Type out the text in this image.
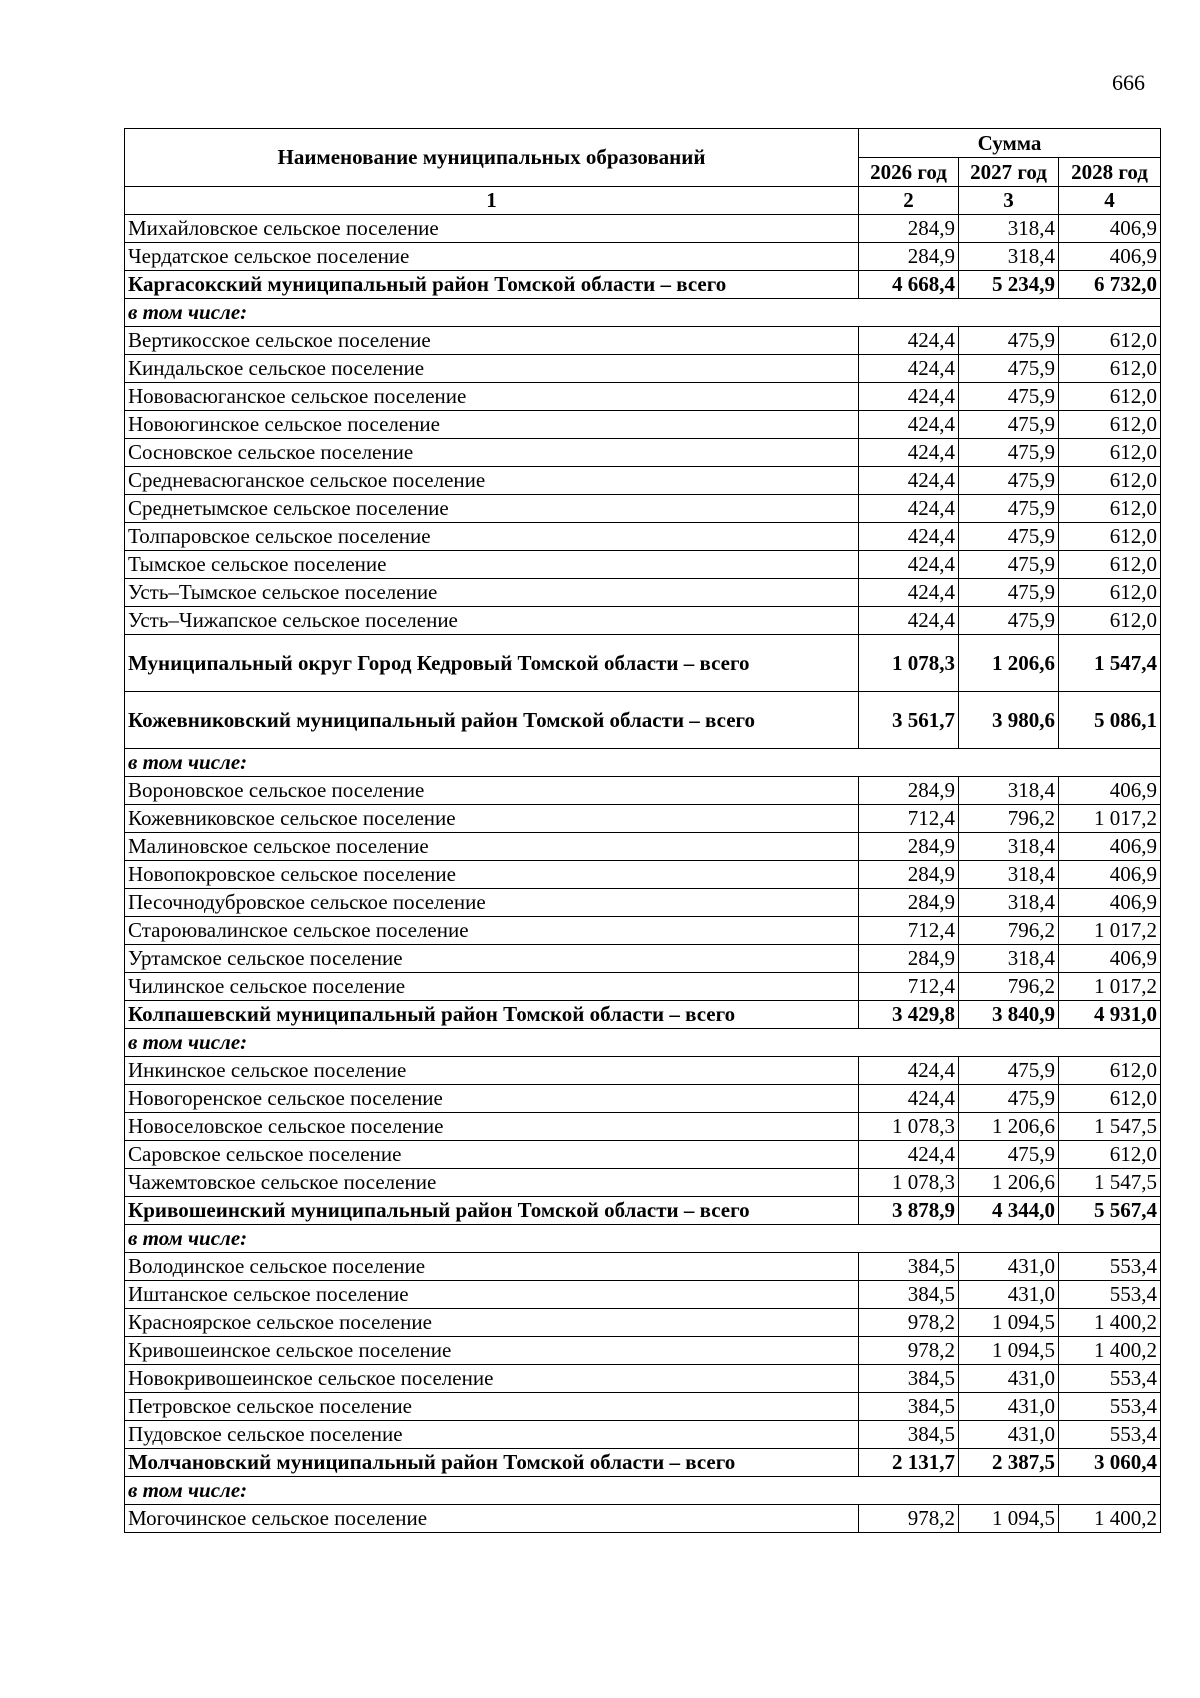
666
Наименование муниципальных образований	Сумма		
	2026 год	2027 год	2028 год
1	2	3	4
Михайловское сельское поселение	284,9	318,4	406,9
Чердатское сельское поселение	284,9	318,4	406,9
Каргасокский муниципальный район Томской области – всего	4 668,4	5 234,9	6 732,0
в том числе:			
Вертикосское сельское поселение	424,4	475,9	612,0
Киндальское сельское поселение	424,4	475,9	612,0
Нововасюганское сельское поселение	424,4	475,9	612,0
Новоюгинское сельское поселение	424,4	475,9	612,0
Сосновское сельское поселение	424,4	475,9	612,0
Средневасюганское сельское поселение	424,4	475,9	612,0
Среднетымское сельское поселение	424,4	475,9	612,0
Толпаровское сельское поселение	424,4	475,9	612,0
Тымское сельское поселение	424,4	475,9	612,0
Усть–Тымское сельское поселение	424,4	475,9	612,0
Усть–Чижапское сельское поселение	424,4	475,9	612,0
Муниципальный округ Город Кедровый Томской области – всего	1 078,3	1 206,6	1 547,4
Кожевниковский муниципальный район Томской области – всего	3 561,7	3 980,6	5 086,1
в том числе:			
Вороновское сельское поселение	284,9	318,4	406,9
Кожевниковское сельское поселение	712,4	796,2	1 017,2
Малиновское сельское поселение	284,9	318,4	406,9
Новопокровское сельское поселение	284,9	318,4	406,9
Песочнодубровское сельское поселение	284,9	318,4	406,9
Староювалинское сельское поселение	712,4	796,2	1 017,2
Уртамское сельское поселение	284,9	318,4	406,9
Чилинское сельское поселение	712,4	796,2	1 017,2
Колпашевский муниципальный район Томской области – всего	3 429,8	3 840,9	4 931,0
в том числе:			
Инкинское сельское поселение	424,4	475,9	612,0
Новогоренское сельское поселение	424,4	475,9	612,0
Новоселовское сельское поселение	1 078,3	1 206,6	1 547,5
Саровское сельское поселение	424,4	475,9	612,0
Чажемтовское сельское поселение	1 078,3	1 206,6	1 547,5
Кривошеинский муниципальный район Томской области – всего	3 878,9	4 344,0	5 567,4
в том числе:			
Володинское сельское поселение	384,5	431,0	553,4
Иштанское сельское поселение	384,5	431,0	553,4
Красноярское сельское поселение	978,2	1 094,5	1 400,2
Кривошеинское сельское поселение	978,2	1 094,5	1 400,2
Новокривошеинское сельское поселение	384,5	431,0	553,4
Петровское сельское поселение	384,5	431,0	553,4
Пудовское сельское поселение	384,5	431,0	553,4
Молчановский муниципальный район Томской области – всего	2 131,7	2 387,5	3 060,4
в том числе:			
Могочинское сельское поселение	978,2	1 094,5	1 400,2
